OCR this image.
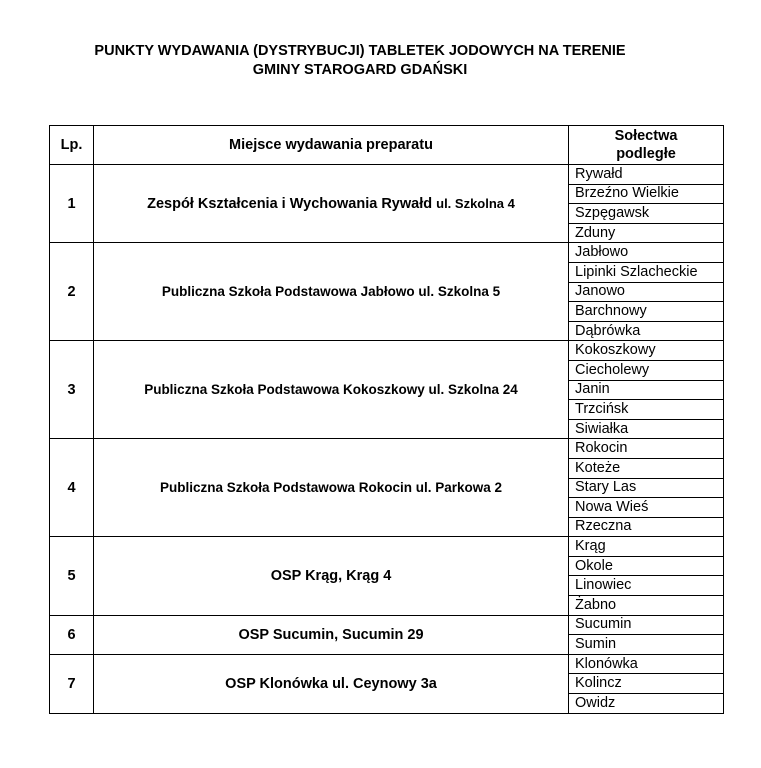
PUNKTY WYDAWANIA (DYSTRYBUCJI) TABLETEK JODOWYCH NA TERENIE
GMINY STAROGARD GDAŃSKI
Lp.	Miejsce wydawania preparatu	Sołectwa
podległe
1	Zespół Kształcenia i Wychowania Rywałd ul. Szkolna 4	Rywałd
		Brzeźno Wielkie
		Szpęgawsk
		Zduny
2	Publiczna Szkoła Podstawowa Jabłowo ul. Szkolna 5	Jabłowo
		Lipinki Szlacheckie
		Janowo
		Barchnowy
		Dąbrówka
3	Publiczna Szkoła Podstawowa Kokoszkowy ul. Szkolna 24	Kokoszkowy
		Ciecholewy
		Janin
		Trzcińsk
		Siwiałka
4	Publiczna Szkoła Podstawowa Rokocin ul. Parkowa 2	Rokocin
		Koteże
		Stary Las
		Nowa Wieś
		Rzeczna
5	OSP Krąg, Krąg 4	Krąg
		Okole
		Linowiec
		Żabno
6	OSP Sucumin, Sucumin 29	Sucumin
		Sumin
7	OSP Klonówka ul. Ceynowy 3a	Klonówka
		Kolincz
		Owidz
